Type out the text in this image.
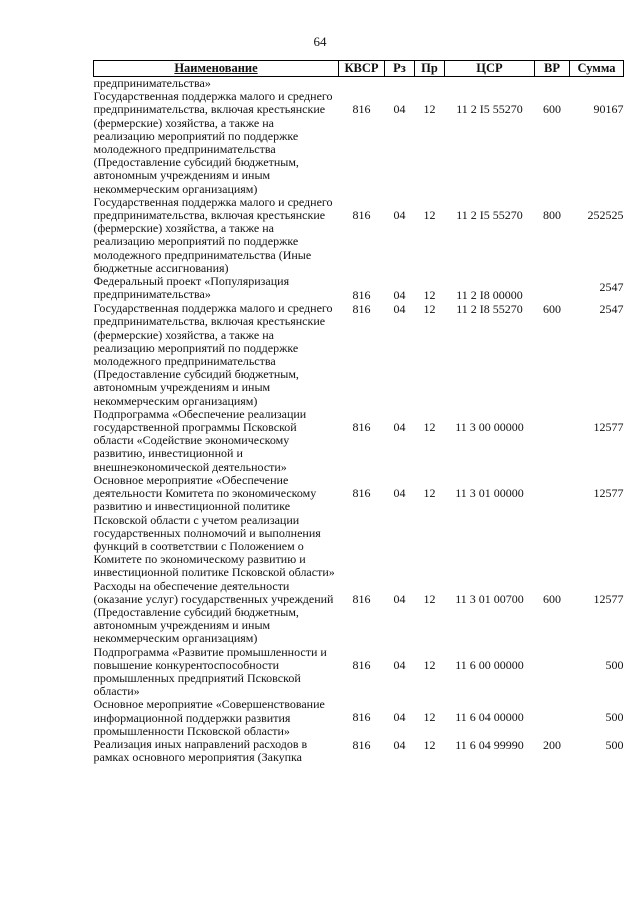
64
Наименование	КВСР	Рз	Пр	ЦСР	ВР	Сумма
предпринимательства»						
Государственная поддержка малого и среднего предпринимательства, включая крестьянские (фермерские) хозяйства, а также на реализацию мероприятий по поддержке молодежного предпринимательства (Предоставление субсидий бюджетным, автономным учреждениям и иным некоммерческим организациям)	816	04	12	11 2 I5 55270	600	90167
Государственная поддержка малого и среднего предпринимательства, включая крестьянские (фермерские) хозяйства, а также на реализацию мероприятий по поддержке молодежного предпринимательства (Иные бюджетные ассигнования)	816	04	12	11 2 I5 55270	800	252525
Федеральный проект «Популяризация предпринимательства»	816	04	12	11 2 I8 00000		2547
Государственная поддержка малого и среднего предпринимательства, включая крестьянские (фермерские) хозяйства, а также на реализацию мероприятий по поддержке молодежного предпринимательства (Предоставление субсидий бюджетным, автономным учреждениям и иным некоммерческим организациям)	816	04	12	11 2 I8 55270	600	2547
Подпрограмма «Обеспечение реализации государственной программы Псковской области «Содействие экономическому развитию, инвестиционной и внешнеэкономической деятельности»	816	04	12	11 3 00 00000		12577
Основное мероприятие «Обеспечение деятельности Комитета по экономическому развитию и инвестиционной политике Псковской области с учетом реализации государственных полномочий и выполнения функций в соответствии с Положением о Комитете по экономическому развитию и инвестиционной политике Псковской области»	816	04	12	11 3 01 00000		12577
Расходы на обеспечение деятельности (оказание услуг) государственных учреждений (Предоставление субсидий бюджетным, автономным учреждениям и иным некоммерческим организациям)	816	04	12	11 3 01 00700	600	12577
Подпрограмма «Развитие промышленности и повышение конкурентоспособности промышленных предприятий Псковской области»	816	04	12	11 6 00 00000		500
Основное мероприятие «Совершенствование информационной поддержки развития промышленности Псковской области»	816	04	12	11 6 04 00000		500
Реализация иных направлений расходов в рамках основного мероприятия (Закупка	816	04	12	11 6 04 99990	200	500
